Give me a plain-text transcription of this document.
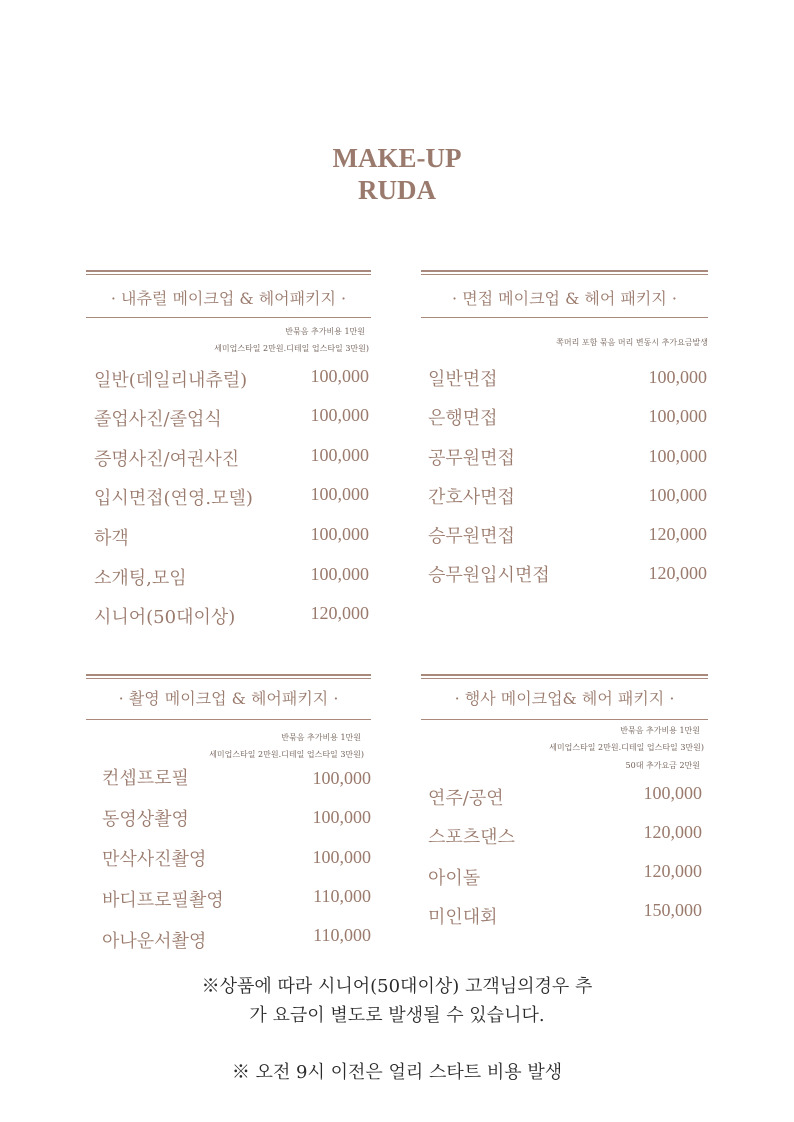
MAKE-UP
RUDA
· 내츄럴 메이크업 & 헤어패키지 ·
반묶음 추가비용 1만원
세미업스타일 2만원.디테일 업스타일 3만원)
일반(데일리내츄럴)	100,000
졸업사진/졸업식	100,000
증명사진/여권사진	100,000
입시면접(연영.모델)	100,000
하객	100,000
소개팅,모임	100,000
시니어(50대이상)	120,000
· 면접 메이크업 & 헤어 패키지 ·
쪽머리 포함 묶음 머리 변동시 추가요금발생
일반면접	100,000
은행면접	100,000
공무원면접	100,000
간호사면접	100,000
승무원면접	120,000
승무원입시면접	120,000
· 촬영 메이크업 & 헤어패키지 ·
반묶음 추가비용 1만원
세미업스타일 2만원.디테일 업스타일 3만원)
컨셉프로필	100,000
동영상촬영	100,000
만삭사진촬영	100,000
바디프로필촬영	110,000
아나운서촬영	110,000
· 행사 메이크업& 헤어 패키지 ·
반묶음 추가비용 1만원
세미업스타일 2만원.디테일 업스타일 3만원)
50대 추가요금 2만원
연주/공연	100,000
스포츠댄스	120,000
아이돌	120,000
미인대회	150,000
※상품에 따라 시니어(50대이상) 고객님의경우 추
가 요금이 별도로 발생될 수 있습니다.
※ 오전 9시 이전은 얼리 스타트 비용 발생
